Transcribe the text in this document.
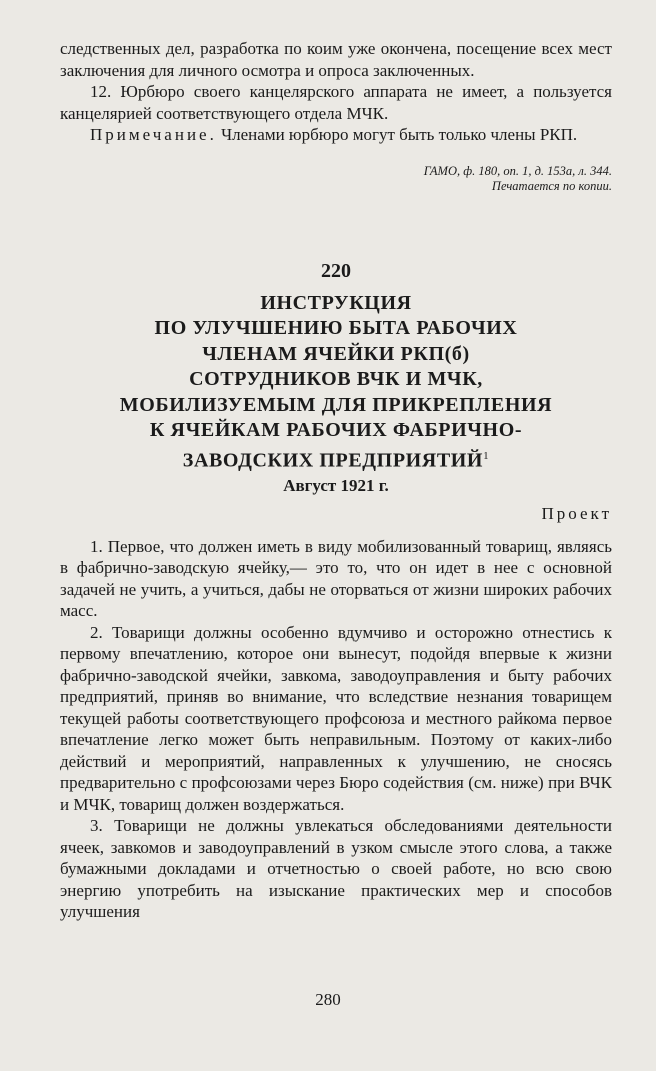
следственных дел, разработка по коим уже окончена, посещение всех мест заключения для личного осмотра и опроса заключенных.

12. Юрбюро своего канцелярского аппарата не имеет, а пользуется канцелярией соответствующего отдела МЧК.

Примечание. Членами юрбюро могут быть только члены РКП.

ГАМО, ф. 180, оп. 1, д. 153а, л. 344.
Печатается по копии.
220
ИНСТРУКЦИЯ
ПО УЛУЧШЕНИЮ БЫТА РАБОЧИХ
ЧЛЕНАМ ЯЧЕЙКИ РКП(б)
СОТРУДНИКОВ ВЧК И МЧК,
МОБИЛИЗУЕМЫМ ДЛЯ ПРИКРЕПЛЕНИЯ
К ЯЧЕЙКАМ РАБОЧИХ ФАБРИЧНО-
ЗАВОДСКИХ ПРЕДПРИЯТИЙ$^1$
Август 1921 г.
Проект

1. Первое, что должен иметь в виду мобилизованный товарищ, являясь в фабрично-заводскую ячейку,— это то, что он идет в нее с основной задачей не учить, а учиться, дабы не оторваться от жизни широких рабочих масс.

2. Товарищи должны особенно вдумчиво и осторожно отнестись к первому впечатлению, которое они вынесут, подойдя впервые к жизни фабрично-заводской ячейки, завкома, заводоуправления и быту рабочих предприятий, приняв во внимание, что вследствие незнания товарищем текущей работы соответствующего профсоюза и местного райкома первое впечатление легко может быть неправильным. Поэтому от каких-либо действий и мероприятий, направленных к улучшению, не сносясь предварительно с профсоюзами через Бюро содействия (см. ниже) при ВЧК и МЧК, товарищ должен воздержаться.

3. Товарищи не должны увлекаться обследованиями деятельности ячеек, завкомов и заводоуправлений в узком смысле этого слова, а также бумажными докладами и отчетностью о своей работе, но всю свою энергию употребить на изыскание практических мер и способов улучшения

280
